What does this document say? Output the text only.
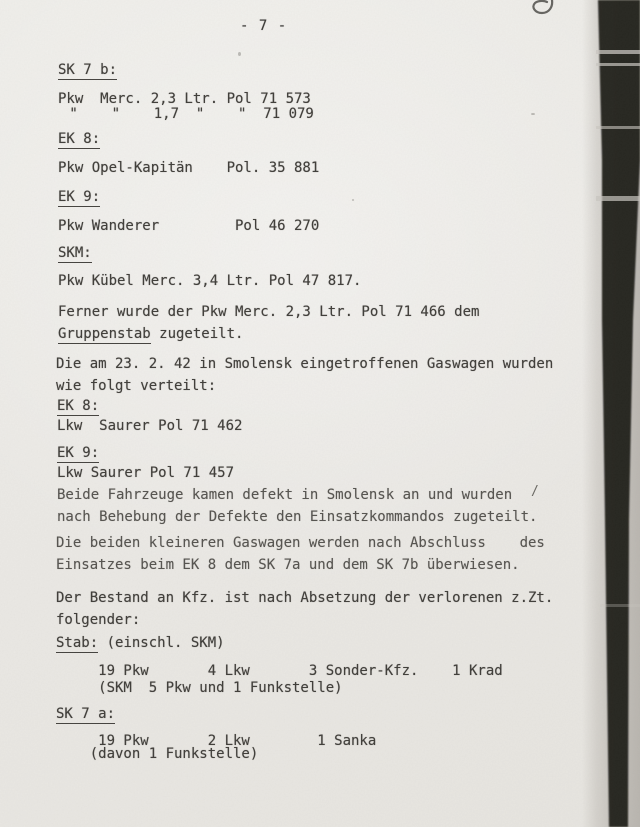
- 7 -
SK 7 b:
Pkw  Merc. 2,3 Ltr. Pol 71 573
"    "    1,7  "    "  71 079
EK 8:
Pkw Opel-Kapitän    Pol. 35 881
EK 9:
Pkw Wanderer         Pol 46 270
SKM:
Pkw Kübel Merc. 3,4 Ltr. Pol 47 817.
Ferner wurde der Pkw Merc. 2,3 Ltr. Pol 71 466 dem
Gruppenstab zugeteilt.
Die am 23. 2. 42 in Smolensk eingetroffenen Gaswagen wurden
wie folgt verteilt:
EK 8:
Lkw  Saurer Pol 71 462
EK 9:
Lkw Saurer Pol 71 457
Beide Fahrzeuge kamen defekt in Smolensk an und wurden
nach Behebung der Defekte den Einsatzkommandos zugeteilt.
Die beiden kleineren Gaswagen werden nach Abschluss    des
Einsatzes beim EK 8 dem SK 7a und dem SK 7b überwiesen.
Der Bestand an Kfz. ist nach Absetzung der verlorenen z.Zt.
folgender:
Stab: (einschl. SKM)
19 Pkw       4 Lkw       3 Sonder-Kfz.    1 Krad
(SKM  5 Pkw und 1 Funkstelle)
SK 7 a:
19 Pkw       2 Lkw        1 Sanka
(davon 1 Funkstelle)
/
